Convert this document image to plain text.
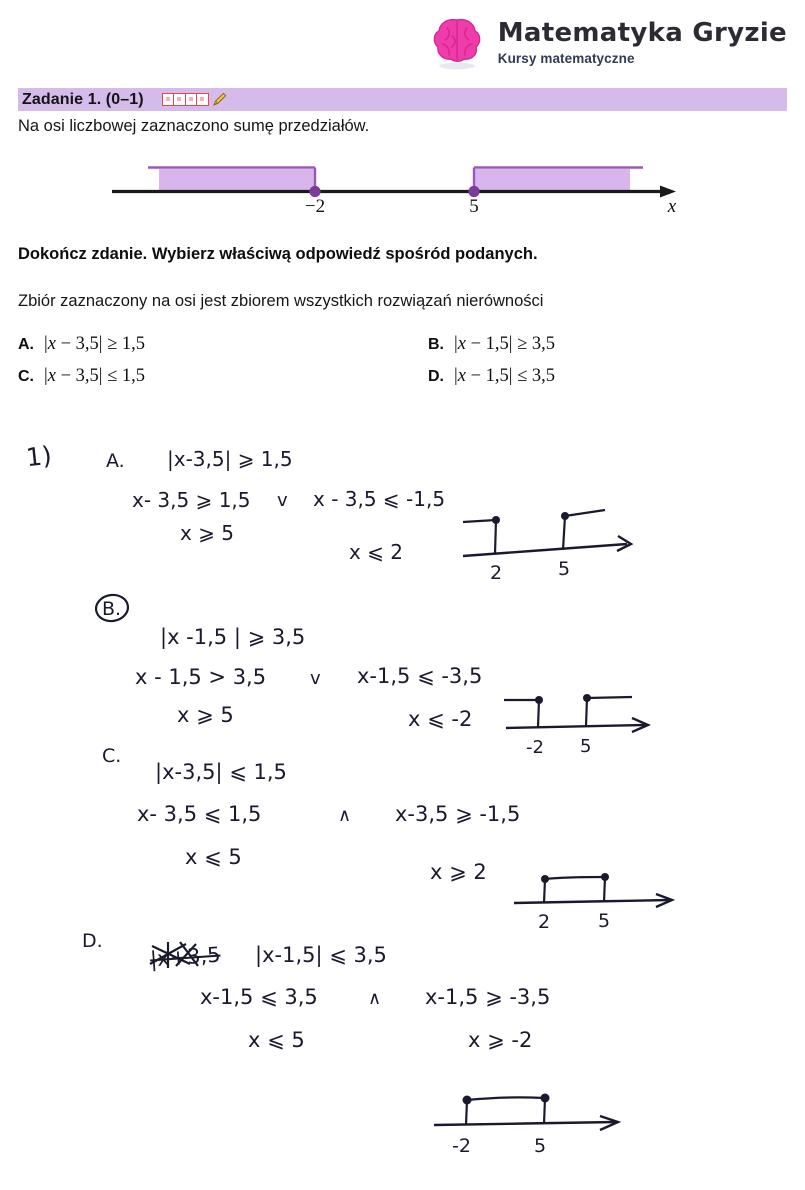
Matematyka Gryzie
Kursy matematyczne
Zadanie 1. (0–1)
Na osi liczbowej zaznaczono sumę przedziałów.
−2	5	x
Dokończ zdanie. Wybierz właściwą odpowiedź spośród podanych.
Zbiór zaznaczony na osi jest zbiorem wszystkich rozwiązań nierówności
A. |x − 3,5| ≥ 1,5	B. |x − 1,5| ≥ 3,5
C. |x − 3,5| ≤ 1,5	D. |x − 1,5| ≤ 3,5
1)	A. |x-3,5| ⩾ 1,5
x- 3,5 ⩾ 1,5 v x - 3,5 ⩽ -1,5
x ⩾ 5
x ⩽ 2
2	5
B.
|x -1,5 | ⩾ 3,5
x - 1,5 > 3,5 v x-1,5 ⩽ -3,5
x ⩾ 5	x ⩽ -2
-2 5
C.
|x-3,5| ⩽ 1,5
x- 3,5 ⩽ 1,5	∧ x-3,5 ⩾ -1,5
x ⩽ 5
x ⩾ 2
2	5
D.
|x+3,5 |x-1,5| ⩽ 3,5
x-1,5 ⩽ 3,5	∧ x-1,5 ⩾ -3,5
x ⩽ 5	x ⩾ -2
-2	5
